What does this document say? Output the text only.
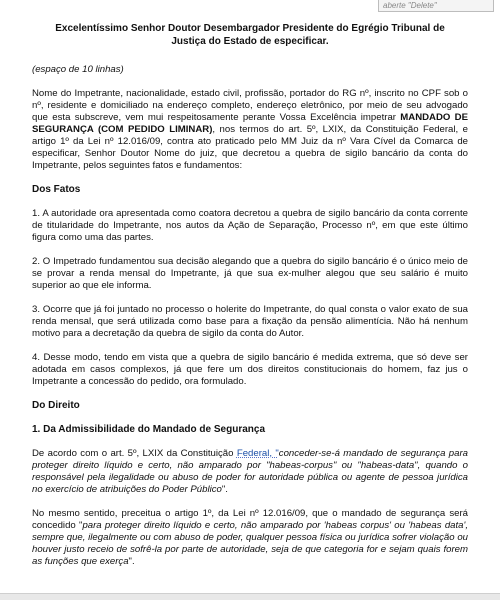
aberte "Delete"
Excelentíssimo Senhor Doutor Desembargador Presidente do Egrégio Tribunal de Justiça do Estado de especificar.
(espaço de 10 linhas)

Nome do Impetrante, nacionalidade, estado civil, profissão, portador do RG nº, inscrito no CPF sob o nº, residente e domiciliado na endereço completo, endereço eletrônico, por meio de seu advogado que esta subscreve, vem mui respeitosamente perante Vossa Excelência impetrar MANDADO DE SEGURANÇA (COM PEDIDO LIMINAR), nos termos do art. 5º, LXIX, da Constituição Federal, e artigo 1º da Lei nº 12.016/09, contra ato praticado pelo MM Juiz da nº Vara Cível da Comarca de especificar, Senhor Doutor Nome do juiz, que decretou a quebra de sigilo bancário da conta do Impetrante, pelos seguintes fatos e fundamentos:

Dos Fatos

1. A autoridade ora apresentada como coatora decretou a quebra de sigilo bancário da conta corrente de titularidade do Impetrante, nos autos da Ação de Separação, Processo nº, em que este último figura como uma das partes.

2. O Impetrado fundamentou sua decisão alegando que a quebra do sigilo bancário é o único meio de se provar a renda mensal do Impetrante, já que sua ex-mulher alegou que seu salário é muito superior ao que ele informa.

3. Ocorre que já foi juntado no processo o holerite do Impetrante, do qual consta o valor exato de sua renda mensal, que será utilizada como base para a fixação da pensão alimentícia. Não há nenhum motivo para a decretação da quebra de sigilo da conta do Autor.

4. Desse modo, tendo em vista que a quebra de sigilo bancário é medida extrema, que só deve ser adotada em casos complexos, já que fere um dos direitos constitucionais do homem, faz jus o Impetrante a concessão do pedido, ora formulado.

Do Direito
1. Da Admissibilidade do Mandado de Segurança

De acordo com o art. 5º, LXIX da Constituição Federal, "conceder-se-á mandado de segurança para proteger direito líquido e certo, não amparado por "habeas-corpus" ou "habeas-data", quando o responsável pela ilegalidade ou abuso de poder for autoridade pública ou agente de pessoa jurídica no exercício de atribuições do Poder Público".

No mesmo sentido, preceitua o artigo 1º, da Lei nº 12.016/09, que o mandado de segurança será concedido "para proteger direito líquido e certo, não amparado por 'habeas corpus' ou 'habeas data', sempre que, ilegalmente ou com abuso de poder, qualquer pessoa física ou jurídica sofrer violação ou houver justo receio de sofrê-la por parte de autoridade, seja de que categoria for e sejam quais forem as funções que exerça".
